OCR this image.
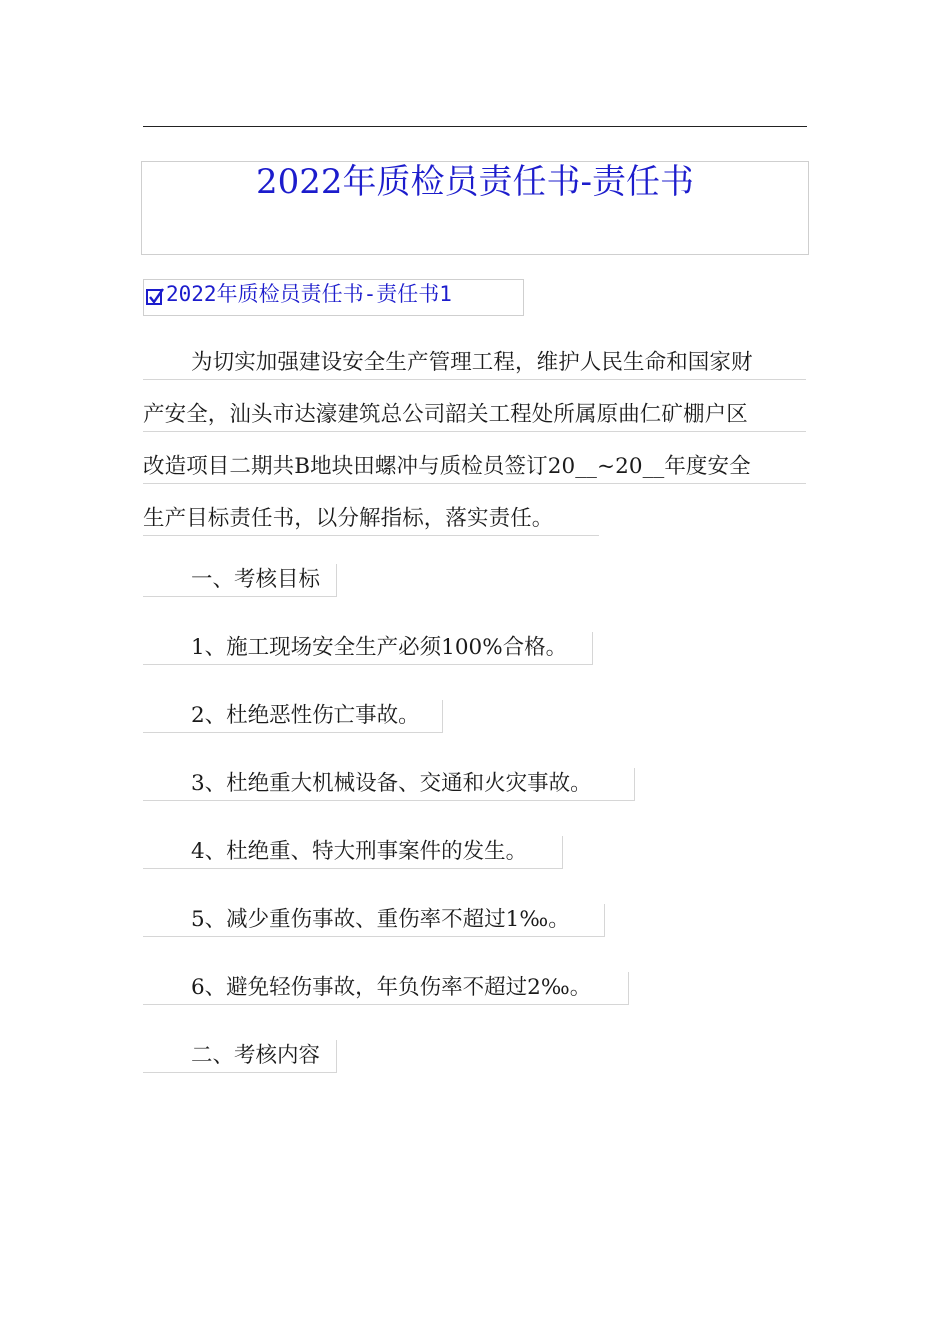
2022年质检员责任书-责任书
2022年质检员责任书-责任书1
为切实加强建设安全生产管理工程，维护人民生命和国家财
产安全，汕头市达濠建筑总公司韶关工程处所属原曲仁矿棚户区
改造项目二期共B地块田螺冲与质检员签订20__~20__年度安全
生产目标责任书，以分解指标，落实责任。
一、考核目标
1、施工现场安全生产必须100%合格。
2、杜绝恶性伤亡事故。
3、杜绝重大机械设备、交通和火灾事故。
4、杜绝重、特大刑事案件的发生。
5、减少重伤事故、重伤率不超过1‰。
6、避免轻伤事故，年负伤率不超过2‰。
二、考核内容
